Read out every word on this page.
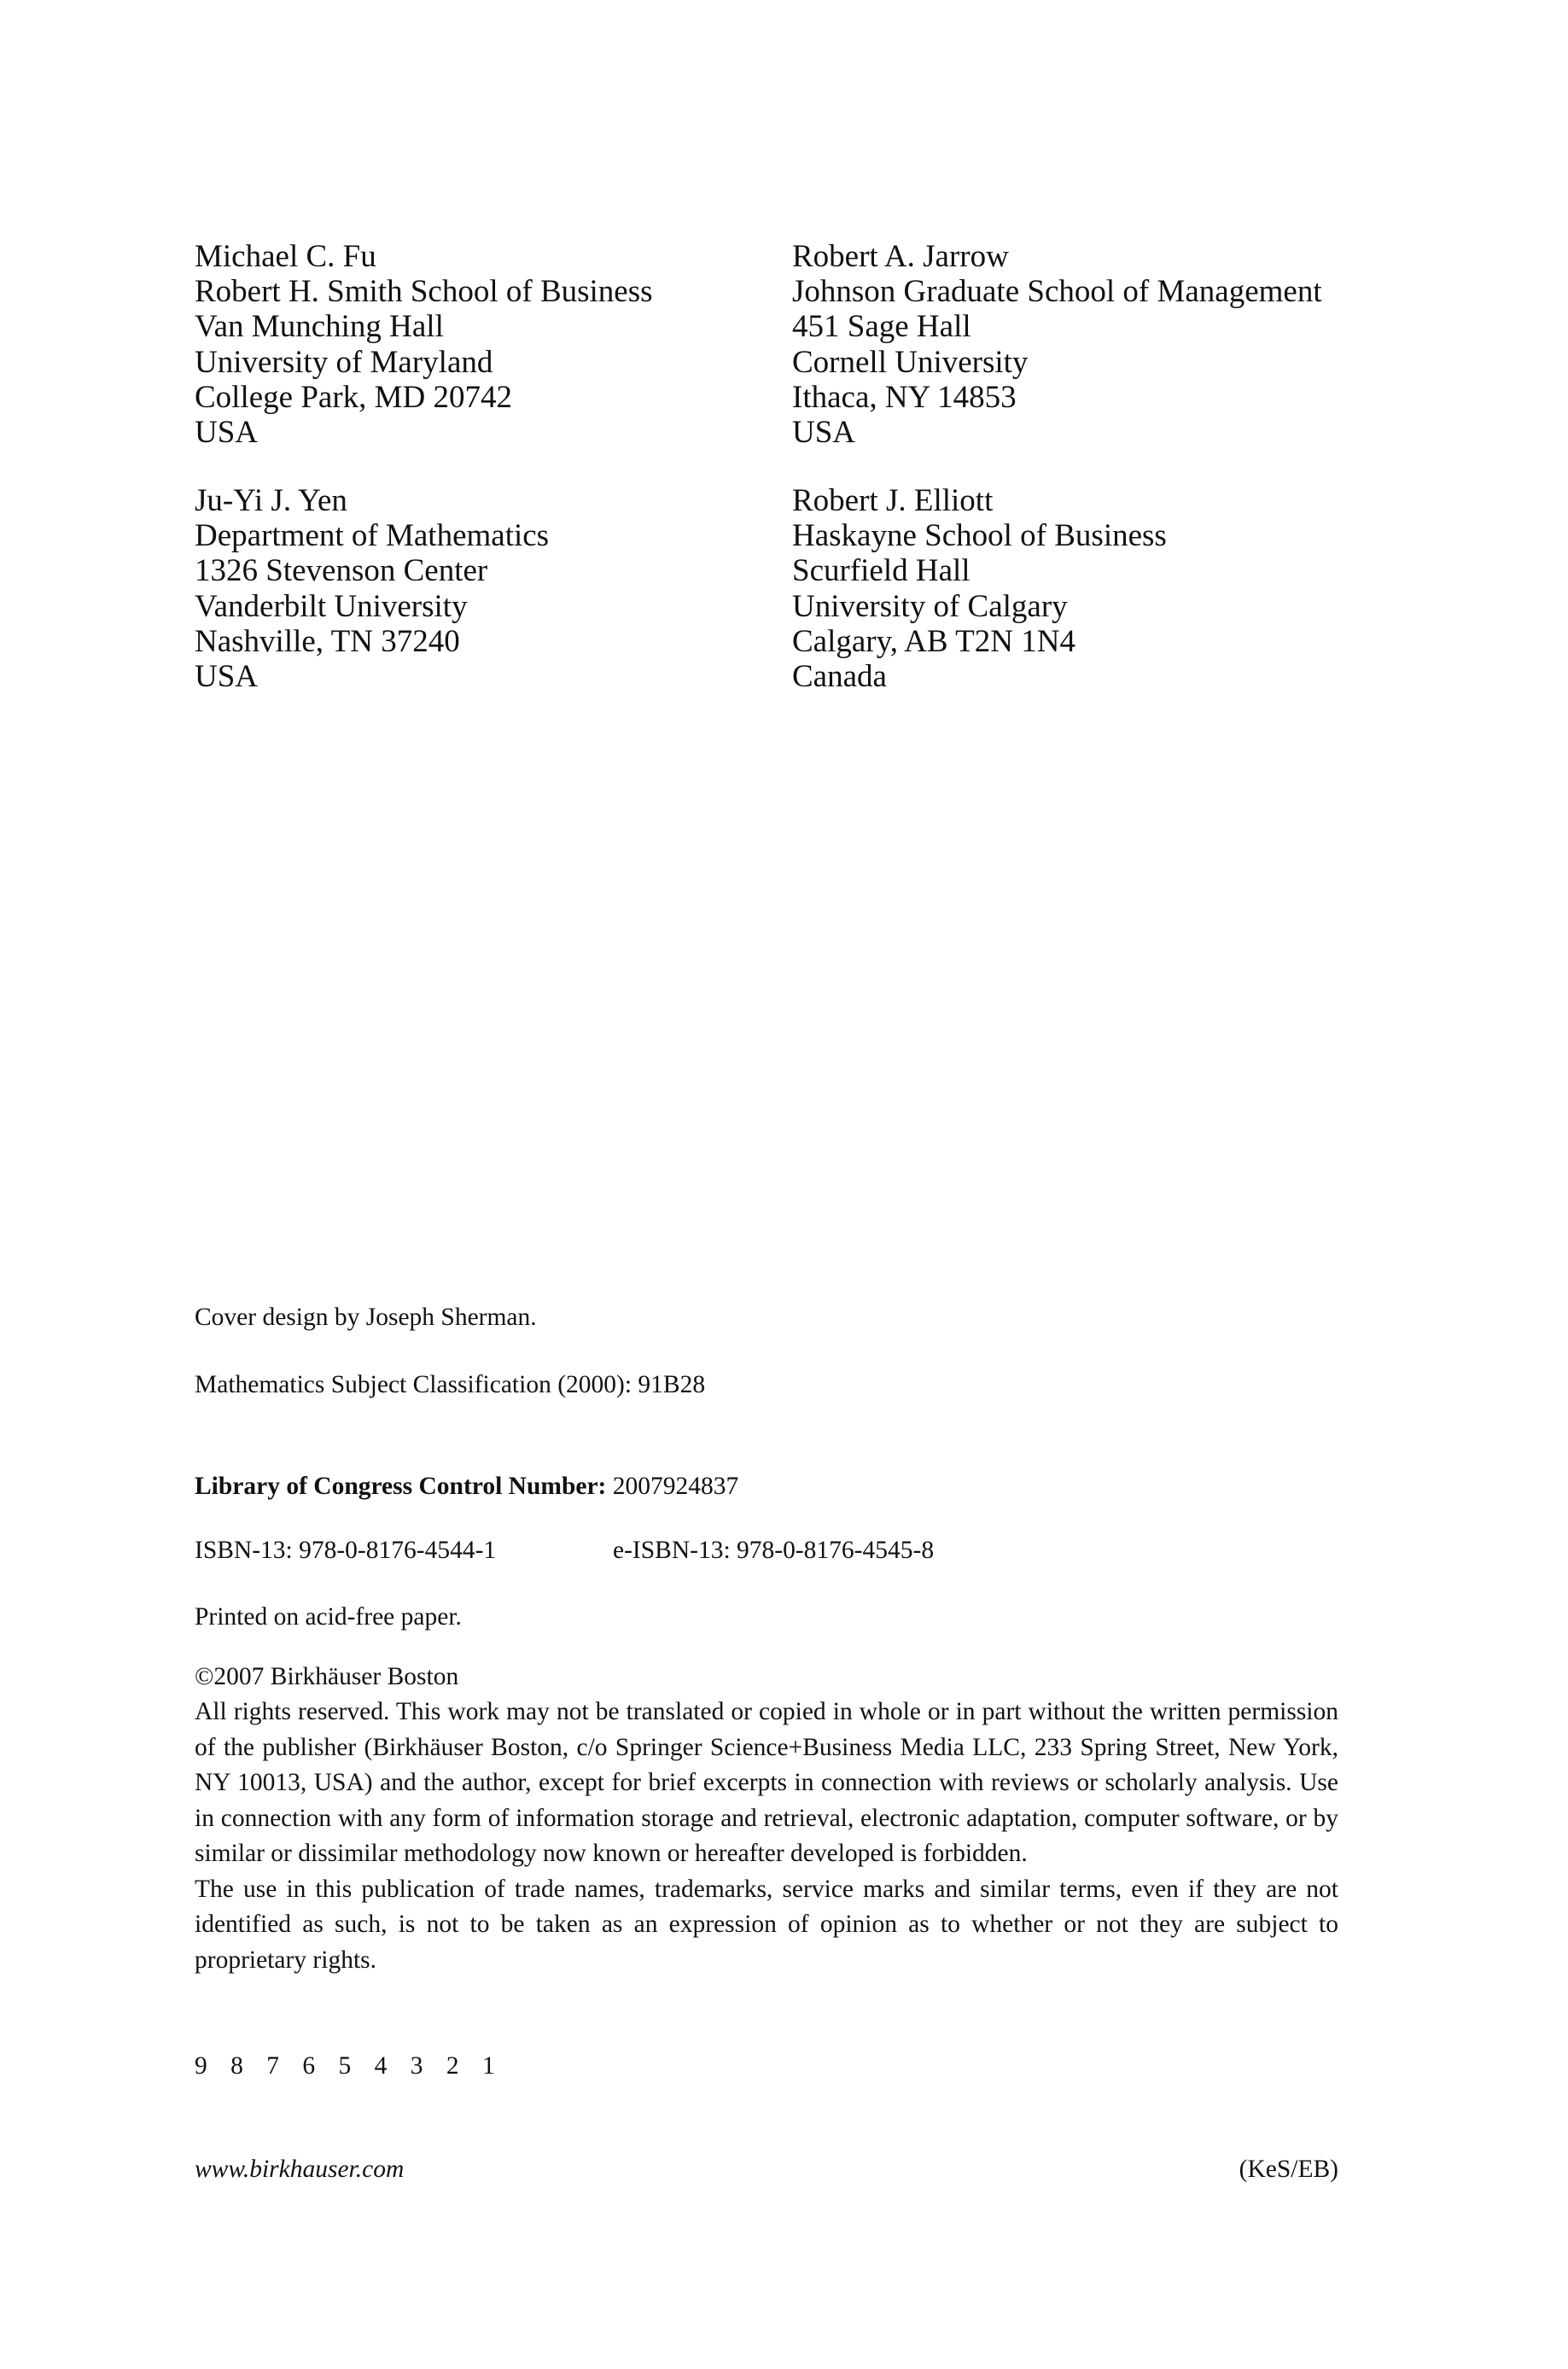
Michael C. Fu
Robert H. Smith School of Business
Van Munching Hall
University of Maryland
College Park, MD 20742
USA
Robert A. Jarrow
Johnson Graduate School of Management
451 Sage Hall
Cornell University
Ithaca, NY 14853
USA
Ju-Yi J. Yen
Department of Mathematics
1326 Stevenson Center
Vanderbilt University
Nashville, TN 37240
USA
Robert J. Elliott
Haskayne School of Business
Scurfield Hall
University of Calgary
Calgary, AB T2N 1N4
Canada
Cover design by Joseph Sherman.
Mathematics Subject Classification (2000): 91B28
Library of Congress Control Number: 2007924837
ISBN-13: 978-0-8176-4544-1	e-ISBN-13: 978-0-8176-4545-8
Printed on acid-free paper.
©2007 Birkhäuser Boston

All rights reserved. This work may not be translated or copied in whole or in part without the written permission of the publisher (Birkhäuser Boston, c/o Springer Science+Business Media LLC, 233 Spring Street, New York, NY 10013, USA) and the author, except for brief excerpts in connection with reviews or scholarly analysis. Use in connection with any form of information storage and retrieval, electronic adaptation, computer software, or by similar or dissimilar methodology now known or hereafter developed is forbidden.

The use in this publication of trade names, trademarks, service marks and similar terms, even if they are not identified as such, is not to be taken as an expression of opinion as to whether or not they are subject to proprietary rights.

9 8 7 6 5 4 3 2 1
www.birkhauser.com	(KeS/EB)
